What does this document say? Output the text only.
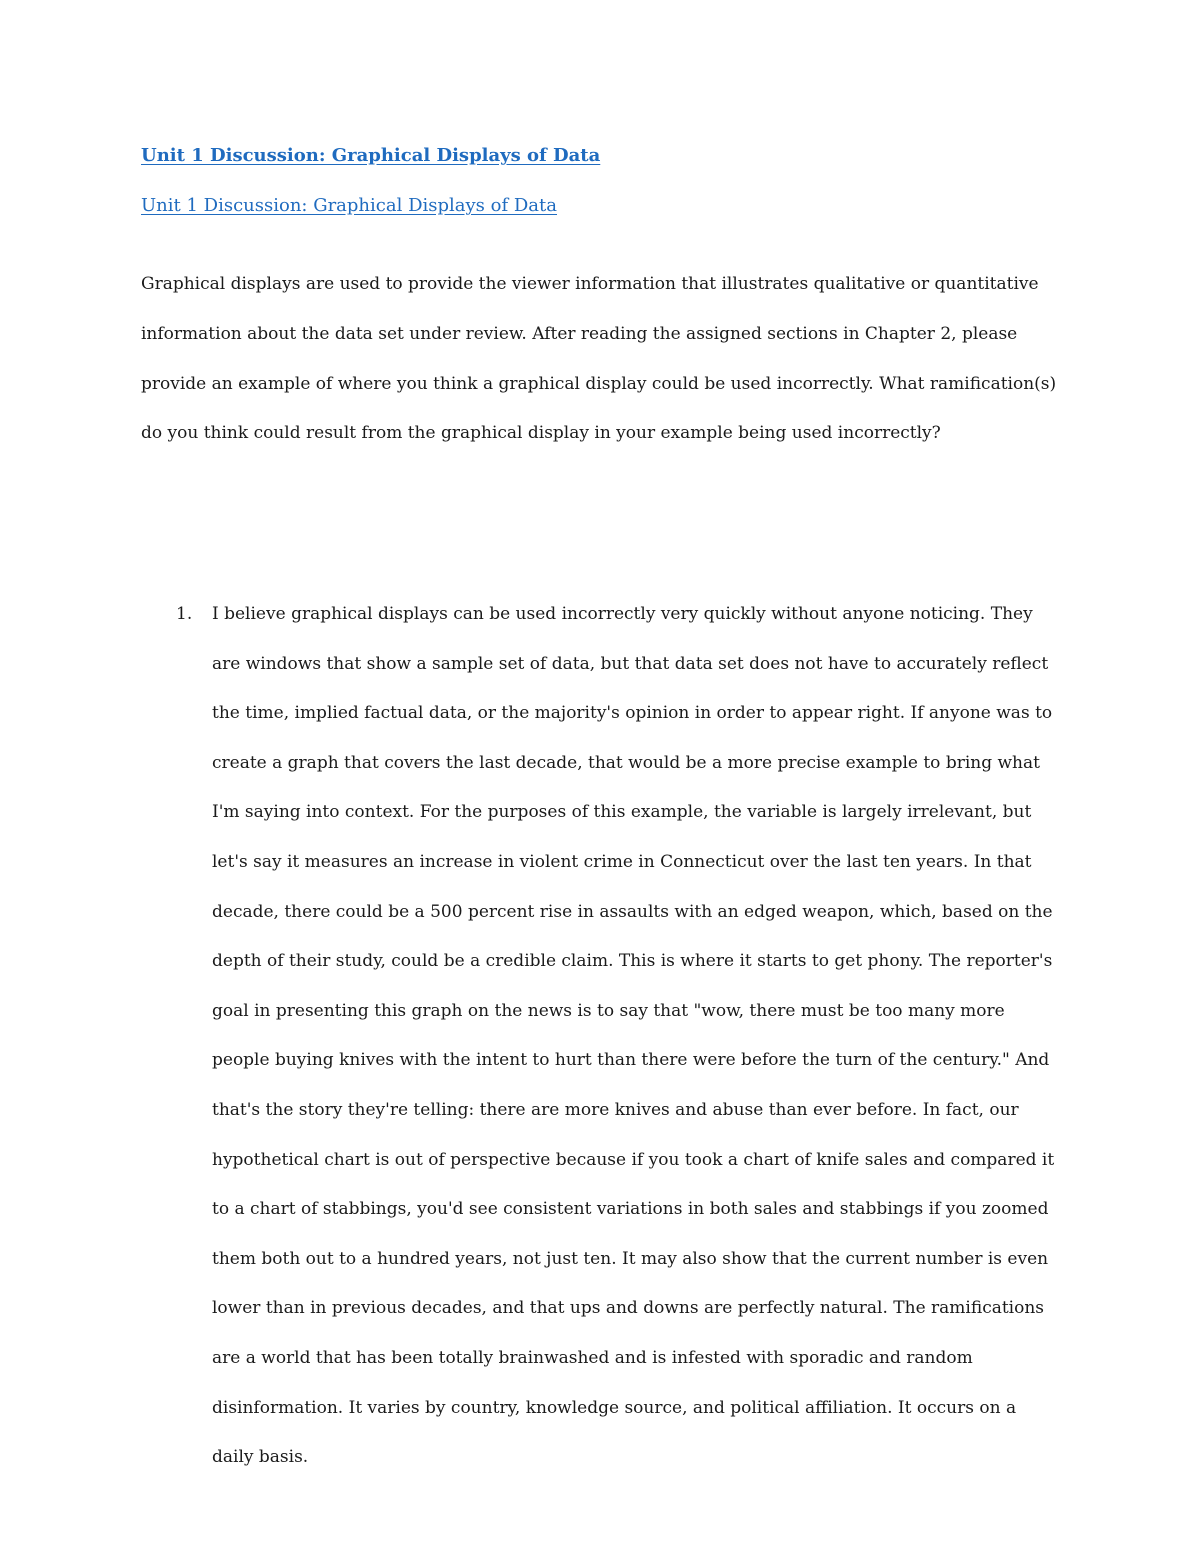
Unit 1 Discussion: Graphical Displays of Data
Unit 1 Discussion: Graphical Displays of Data

Graphical displays are used to provide the viewer information that illustrates qualitative or quantitative information about the data set under review. After reading the assigned sections in Chapter 2, please provide an example of where you think a graphical display could be used incorrectly. What ramification(s) do you think could result from the graphical display in your example being used incorrectly?

1. I believe graphical displays can be used incorrectly very quickly without anyone noticing. They are windows that show a sample set of data, but that data set does not have to accurately reflect the time, implied factual data, or the majority's opinion in order to appear right. If anyone was to create a graph that covers the last decade, that would be a more precise example to bring what I'm saying into context. For the purposes of this example, the variable is largely irrelevant, but let's say it measures an increase in violent crime in Connecticut over the last ten years. In that decade, there could be a 500 percent rise in assaults with an edged weapon, which, based on the depth of their study, could be a credible claim. This is where it starts to get phony. The reporter's goal in presenting this graph on the news is to say that "wow, there must be too many more people buying knives with the intent to hurt than there were before the turn of the century." And that's the story they're telling: there are more knives and abuse than ever before. In fact, our hypothetical chart is out of perspective because if you took a chart of knife sales and compared it to a chart of stabbings, you'd see consistent variations in both sales and stabbings if you zoomed them both out to a hundred years, not just ten. It may also show that the current number is even lower than in previous decades, and that ups and downs are perfectly natural. The ramifications are a world that has been totally brainwashed and is infested with sporadic and random disinformation. It varies by country, knowledge source, and political affiliation. It occurs on a daily basis.
